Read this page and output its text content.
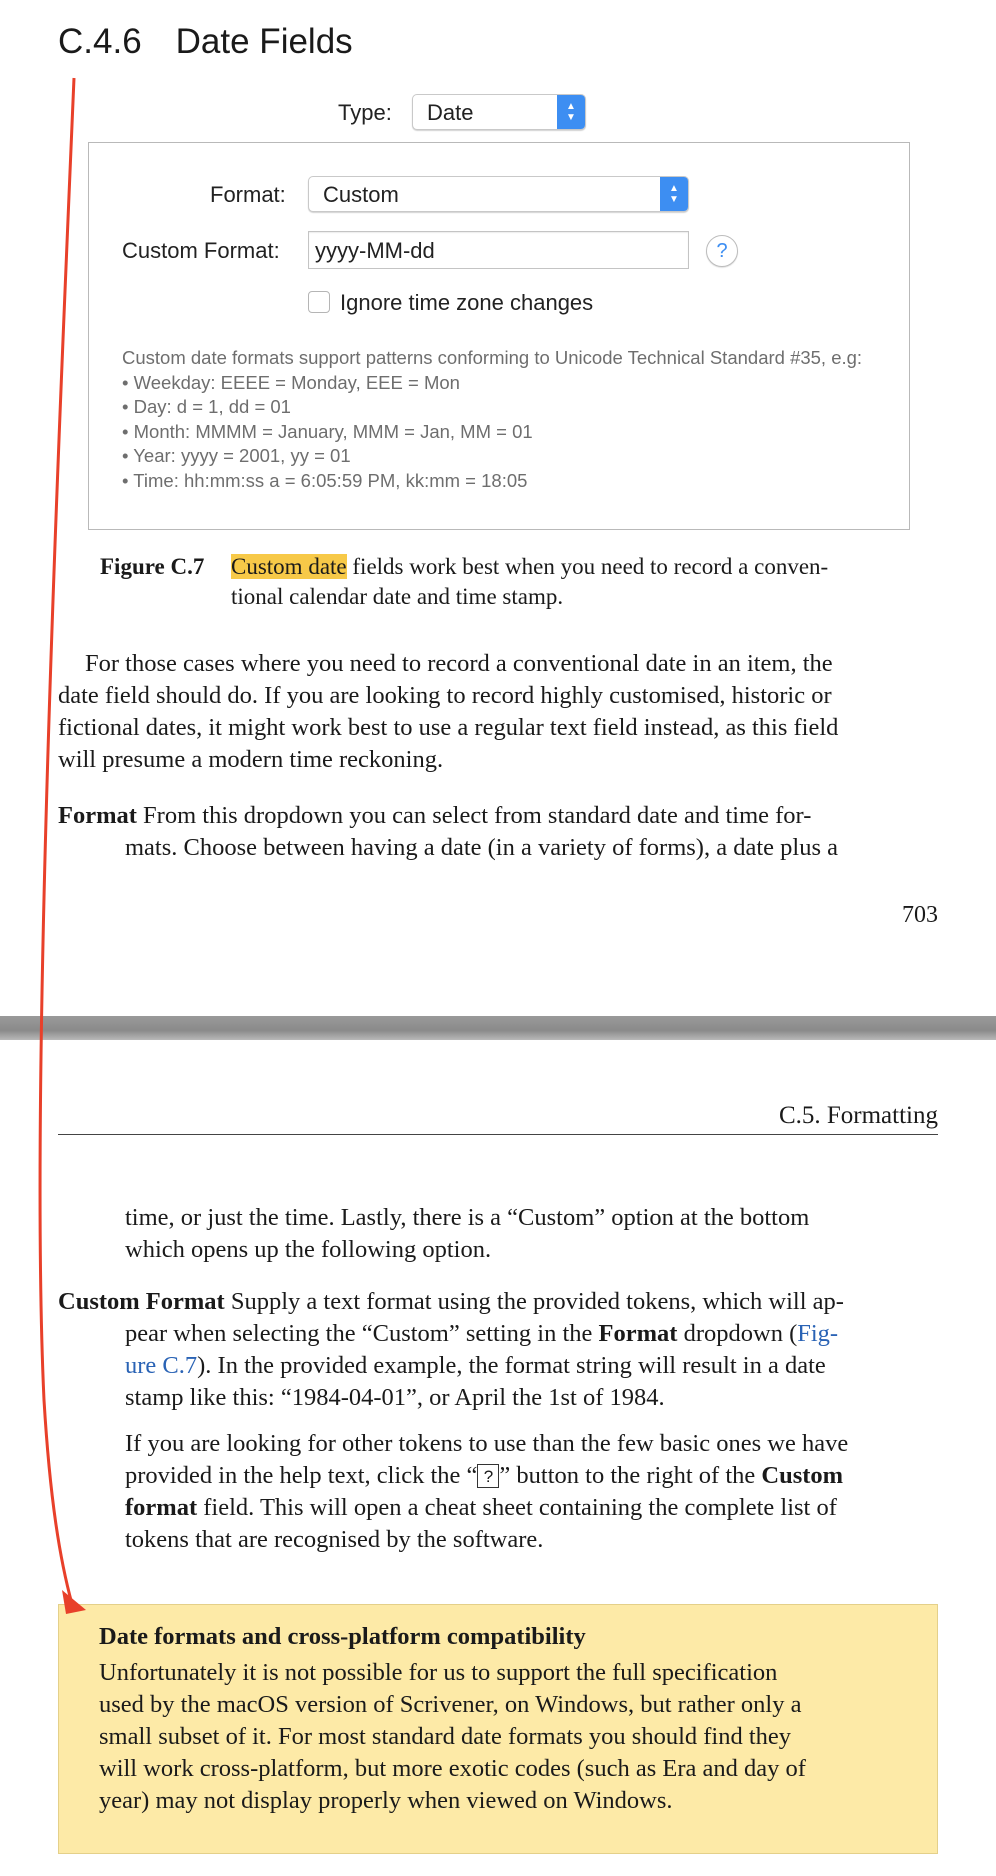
C.4.6 Date Fields
Type: Date	▲
▼
Format: Custom	▲
▼
Custom Format: yyyy-MM-dd	?
Ignore time zone changes
Custom date formats support patterns conforming to Unicode Technical Standard #35, e.g:
• Weekday: EEEE = Monday, EEE = Mon
• Day: d = 1, dd = 01
• Month: MMMM = January, MMM = Jan, MM = 01
• Year: yyyy = 2001, yy = 01
• Time: hh:mm:ss a = 6:05:59 PM, kk:mm = 18:05
Figure C.7 Custom date fields work best when you need to record a conven-
tional calendar date and time stamp.
For those cases where you need to record a conventional date in an item, the
date field should do. If you are looking to record highly customised, historic or
fictional dates, it might work best to use a regular text field instead, as this field
will presume a modern time reckoning.
Format From this dropdown you can select from standard date and time for-
mats. Choose between having a date (in a variety of forms), a date plus a
703
C.5. Formatting
time, or just the time. Lastly, there is a “Custom” option at the bottom
which opens up the following option.
Custom Format Supply a text format using the provided tokens, which will ap-
pear when selecting the “Custom” setting in the Format dropdown (Fig-
ure C.7). In the provided example, the format string will result in a date
stamp like this: “1984-04-01”, or April the 1st of 1984.
If you are looking for other tokens to use than the few basic ones we have
provided in the help text, click the “ ? ” button to the right of the Custom
format field. This will open a cheat sheet containing the complete list of
tokens that are recognised by the software.
Date formats and cross-platform compatibility
Unfortunately it is not possible for us to support the full specification
used by the macOS version of Scrivener, on Windows, but rather only a
small subset of it. For most standard date formats you should find they
will work cross-platform, but more exotic codes (such as Era and day of
year) may not display properly when viewed on Windows.
